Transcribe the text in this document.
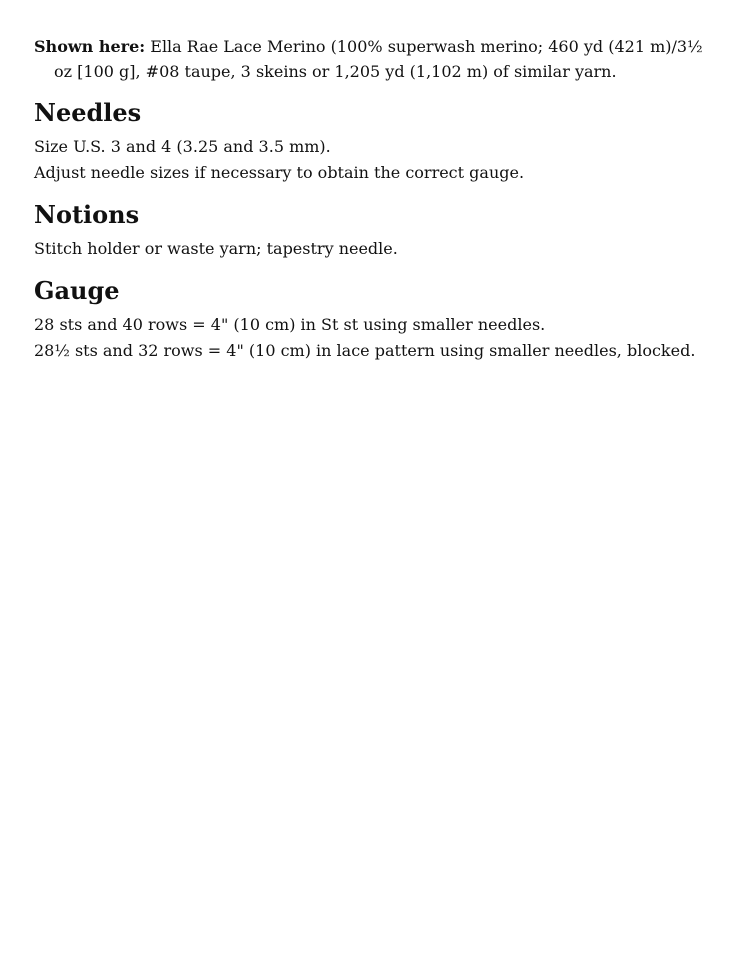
Shown here: Ella Rae Lace Merino (100% superwash merino; 460 yd (421 m)/3½ oz [100 g], #08 taupe, 3 skeins or 1,205 yd (1,102 m) of similar yarn.

Needles

Size U.S. 3 and 4 (3.25 and 3.5 mm).

Adjust needle sizes if necessary to obtain the correct gauge.

Notions

Stitch holder or waste yarn; tapestry needle.

Gauge

28 sts and 40 rows = 4" (10 cm) in St st using smaller needles.

28½ sts and 32 rows = 4" (10 cm) in lace pattern using smaller needles, blocked.
